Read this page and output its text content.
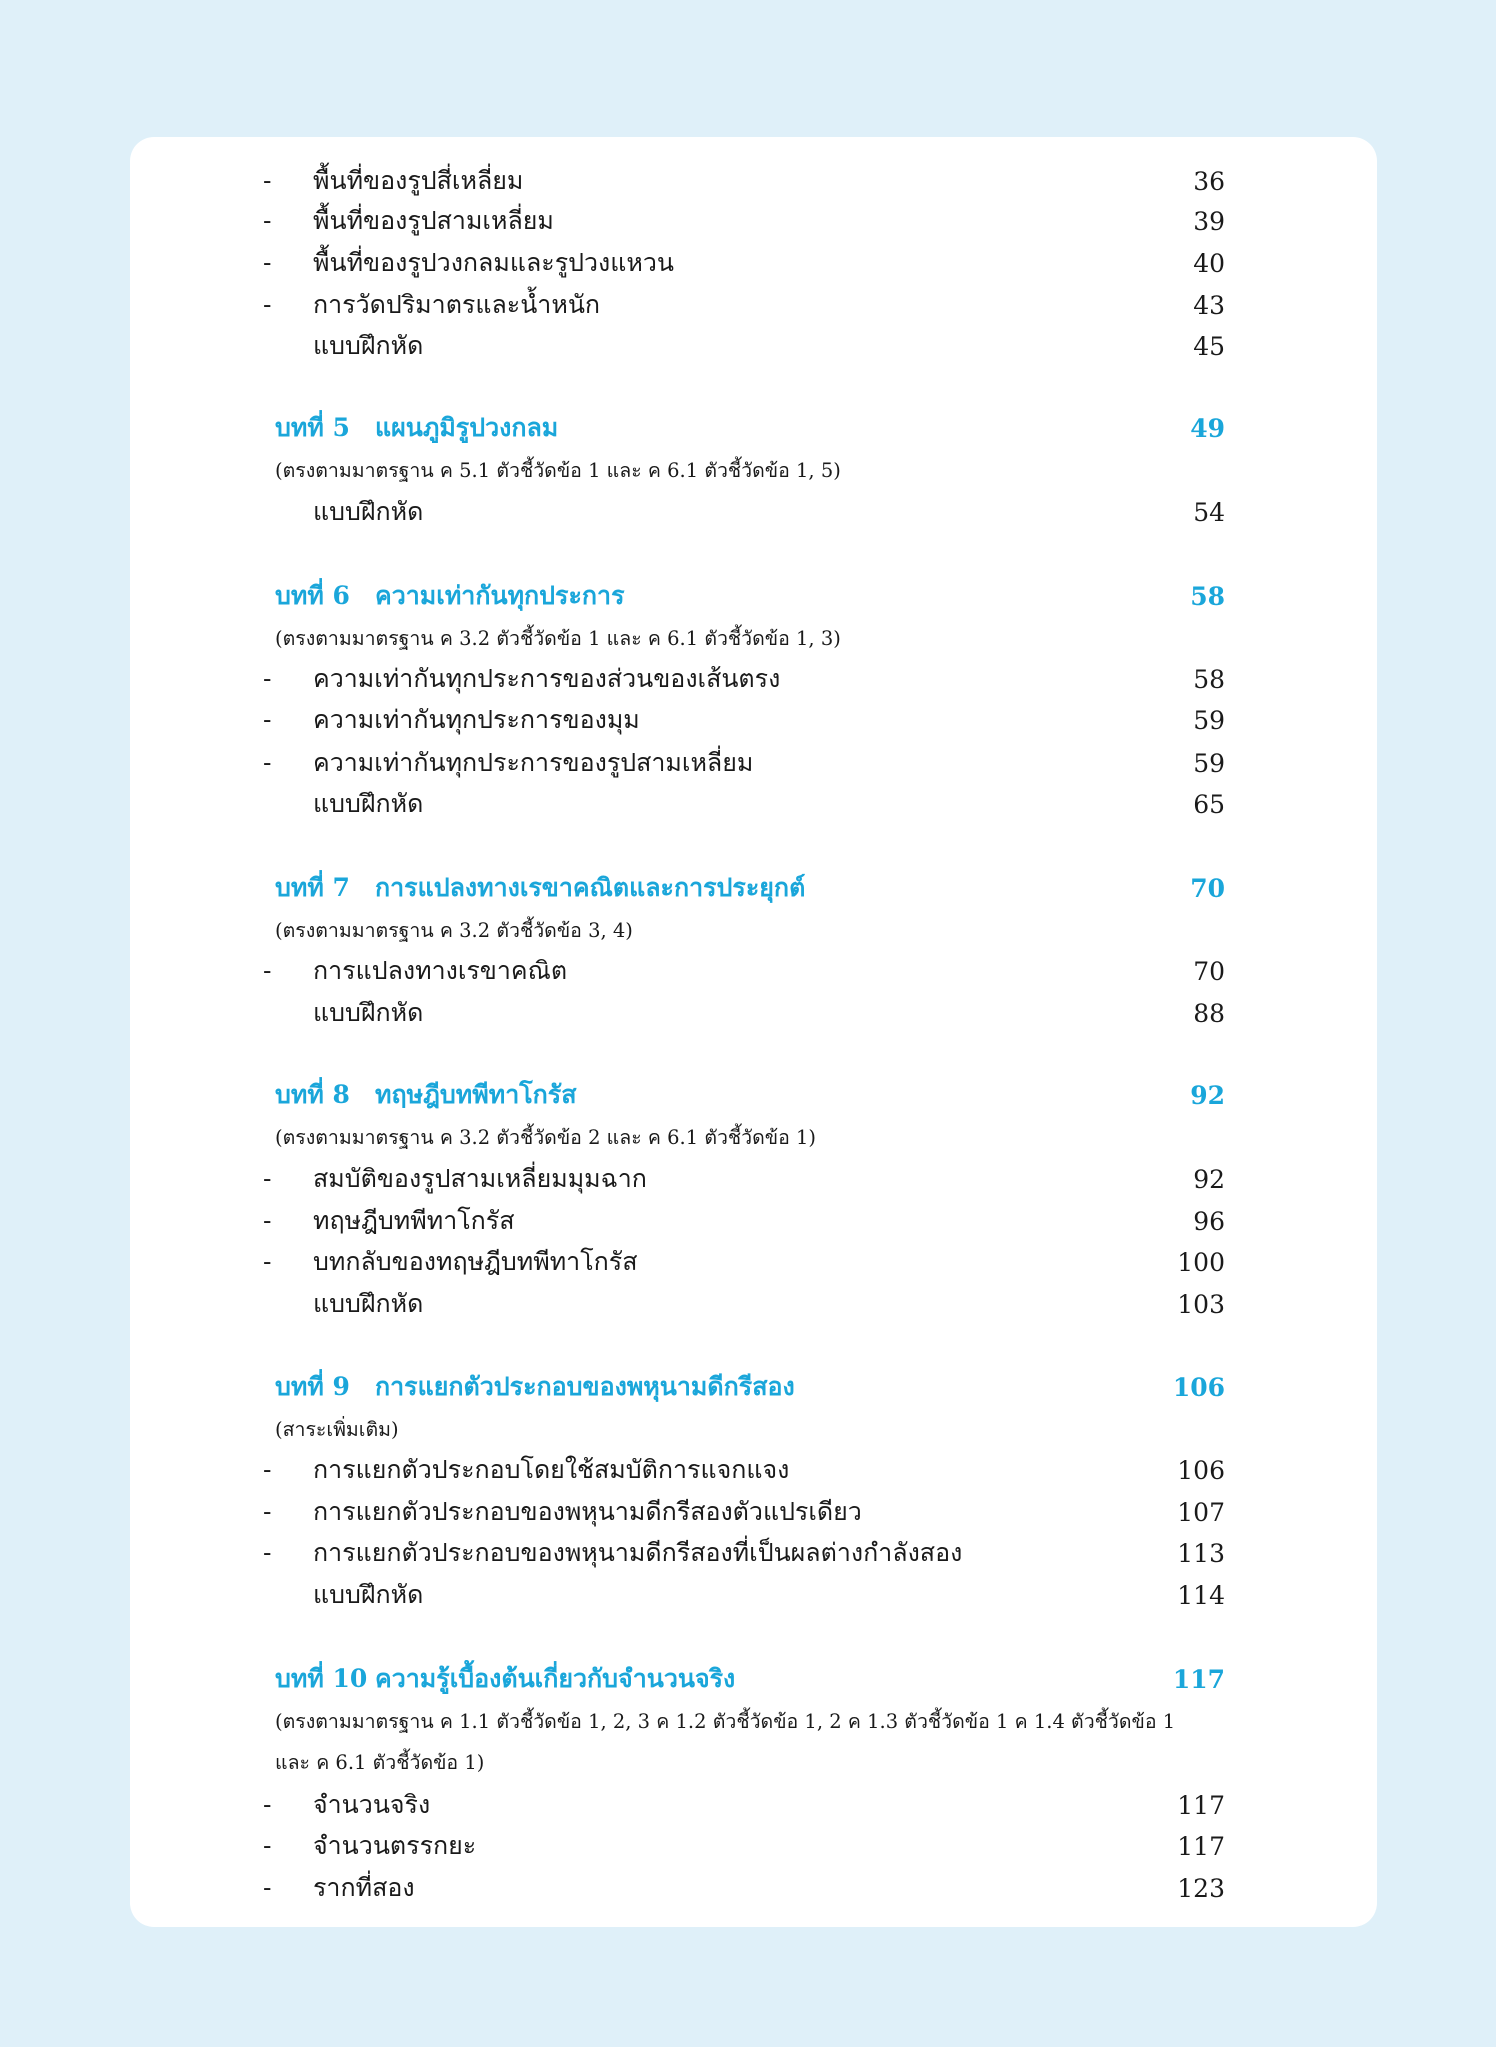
- พื้นที่ของรูปสี่เหลี่ยม	36
- พื้นที่ของรูปสามเหลี่ยม	39
- พื้นที่ของรูปวงกลมและรูปวงแหวน	40
- การวัดปริมาตรและน้ำหนัก	43
แบบฝึกหัด	45
บทที่ 5 แผนภูมิรูปวงกลม	49
(ตรงตามมาตรฐาน ค 5.1 ตัวชี้วัดข้อ 1 และ ค 6.1 ตัวชี้วัดข้อ 1, 5)
แบบฝึกหัด	54
บทที่ 6 ความเท่ากันทุกประการ	58
(ตรงตามมาตรฐาน ค 3.2 ตัวชี้วัดข้อ 1 และ ค 6.1 ตัวชี้วัดข้อ 1, 3)
- ความเท่ากันทุกประการของส่วนของเส้นตรง	58
- ความเท่ากันทุกประการของมุม	59
- ความเท่ากันทุกประการของรูปสามเหลี่ยม	59
แบบฝึกหัด	65
บทที่ 7 การแปลงทางเรขาคณิตและการประยุกต์	70
(ตรงตามมาตรฐาน ค 3.2 ตัวชี้วัดข้อ 3, 4)
- การแปลงทางเรขาคณิต	70
แบบฝึกหัด	88
บทที่ 8 ทฤษฎีบทพีทาโกรัส	92
(ตรงตามมาตรฐาน ค 3.2 ตัวชี้วัดข้อ 2 และ ค 6.1 ตัวชี้วัดข้อ 1)
- สมบัติของรูปสามเหลี่ยมมุมฉาก	92
- ทฤษฎีบทพีทาโกรัส	96
- บทกลับของทฤษฎีบทพีทาโกรัส	100
แบบฝึกหัด	103
บทที่ 9 การแยกตัวประกอบของพหุนามดีกรีสอง	106
(สาระเพิ่มเติม)
- การแยกตัวประกอบโดยใช้สมบัติการแจกแจง	106
- การแยกตัวประกอบของพหุนามดีกรีสองตัวแปรเดียว	107
- การแยกตัวประกอบของพหุนามดีกรีสองที่เป็นผลต่างกำลังสอง	113
แบบฝึกหัด	114
บทที่ 10 ความรู้เบื้องต้นเกี่ยวกับจำนวนจริง	117
(ตรงตามมาตรฐาน ค 1.1 ตัวชี้วัดข้อ 1, 2, 3 ค 1.2 ตัวชี้วัดข้อ 1, 2 ค 1.3 ตัวชี้วัดข้อ 1 ค 1.4 ตัวชี้วัดข้อ 1
และ ค 6.1 ตัวชี้วัดข้อ 1)
- จำนวนจริง	117
- จำนวนตรรกยะ	117
- รากที่สอง	123
